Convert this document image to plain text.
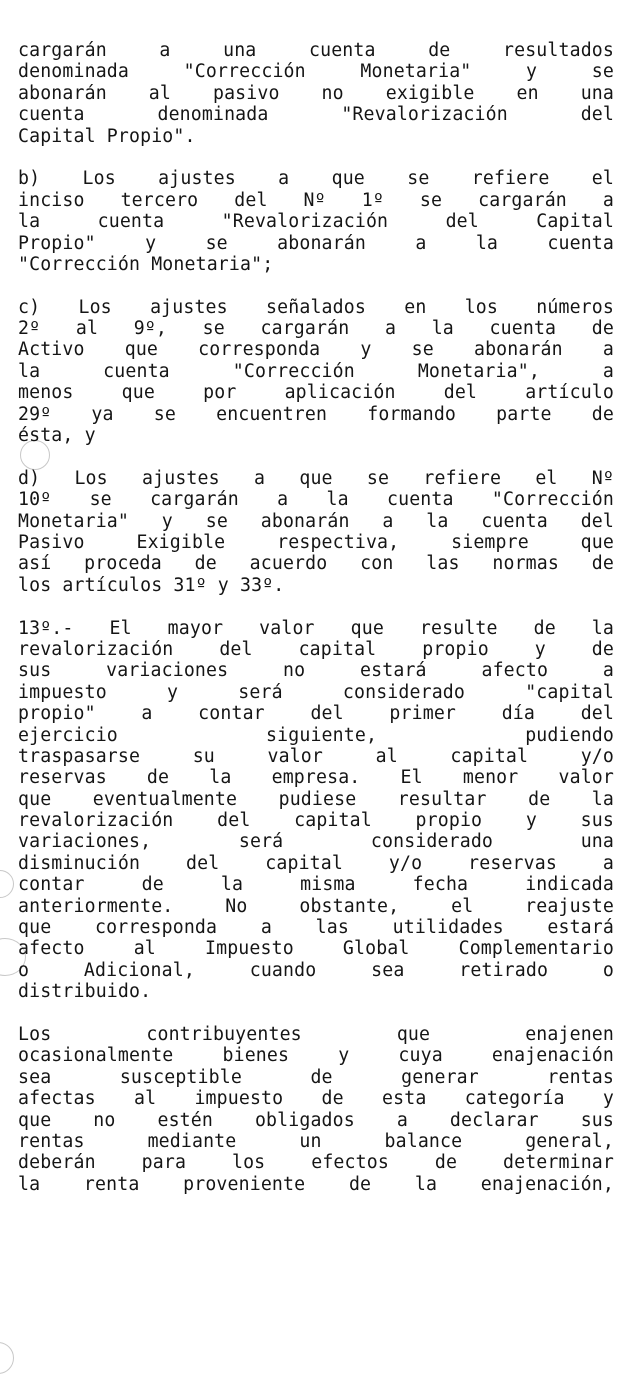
cargarán a una cuenta de resultados
denominada "Corrección Monetaria" y se
abonarán al pasivo no exigible en una
cuenta denominada "Revalorización del
Capital Propio".
b) Los ajustes a que se refiere el
inciso tercero del Nº 1º se cargarán a
la cuenta "Revalorización del Capital
Propio" y se abonarán a la cuenta
"Corrección Monetaria";
c) Los ajustes señalados en los números
2º al 9º, se cargarán a la cuenta de
Activo que corresponda y se abonarán a
la cuenta "Corrección Monetaria", a
menos que por aplicación del artículo
29º ya se encuentren formando parte de
ésta, y
d) Los ajustes a que se refiere el Nº
10º se cargarán a la cuenta "Corrección
Monetaria" y se abonarán a la cuenta del
Pasivo Exigible respectiva, siempre que
así proceda de acuerdo con las normas de
los artículos 31º y 33º.
13º.- El mayor valor que resulte de la
revalorización del capital propio y de
sus variaciones no estará afecto a
impuesto y será considerado "capital
propio" a contar del primer día del
ejercicio siguiente, pudiendo
traspasarse su valor al capital y/o
reservas de la empresa. El menor valor
que eventualmente pudiese resultar de la
revalorización del capital propio y sus
variaciones, será considerado una
disminución del capital y/o reservas a
contar de la misma fecha indicada
anteriormente. No obstante, el reajuste
que corresponda a las utilidades estará
afecto al Impuesto Global Complementario
o Adicional, cuando sea retirado o
distribuido.
Los contribuyentes que enajenen
ocasionalmente bienes y cuya enajenación
sea susceptible de generar rentas
afectas al impuesto de esta categoría y
que no estén obligados a declarar sus
rentas mediante un balance general,
deberán para los efectos de determinar
la renta proveniente de la enajenación,
